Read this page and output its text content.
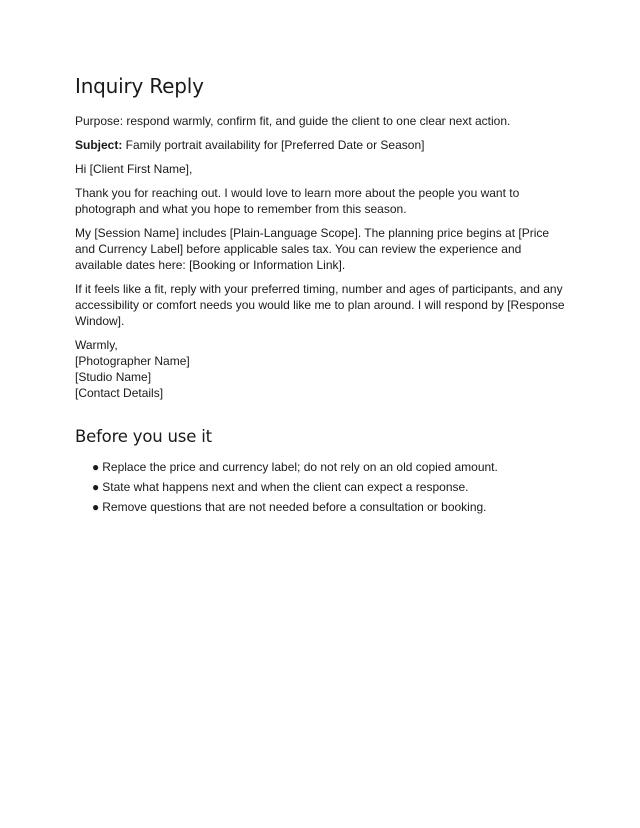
Inquiry Reply

Purpose: respond warmly, confirm fit, and guide the client to one clear next action.

Subject: Family portrait availability for [Preferred Date or Season]

Hi [Client First Name],

Thank you for reaching out. I would love to learn more about the people you want to photograph and what you hope to remember from this season.

My [Session Name] includes [Plain-Language Scope]. The planning price begins at [Price and Currency Label] before applicable sales tax. You can review the experience and available dates here: [Booking or Information Link].

If it feels like a fit, reply with your preferred timing, number and ages of participants, and any accessibility or comfort needs you would like me to plan around. I will respond by [Response Window].

Warmly,
[Photographer Name]
[Studio Name]
[Contact Details]

Before you use it
● Replace the price and currency label; do not rely on an old copied amount.
● State what happens next and when the client can expect a response.
● Remove questions that are not needed before a consultation or booking.
